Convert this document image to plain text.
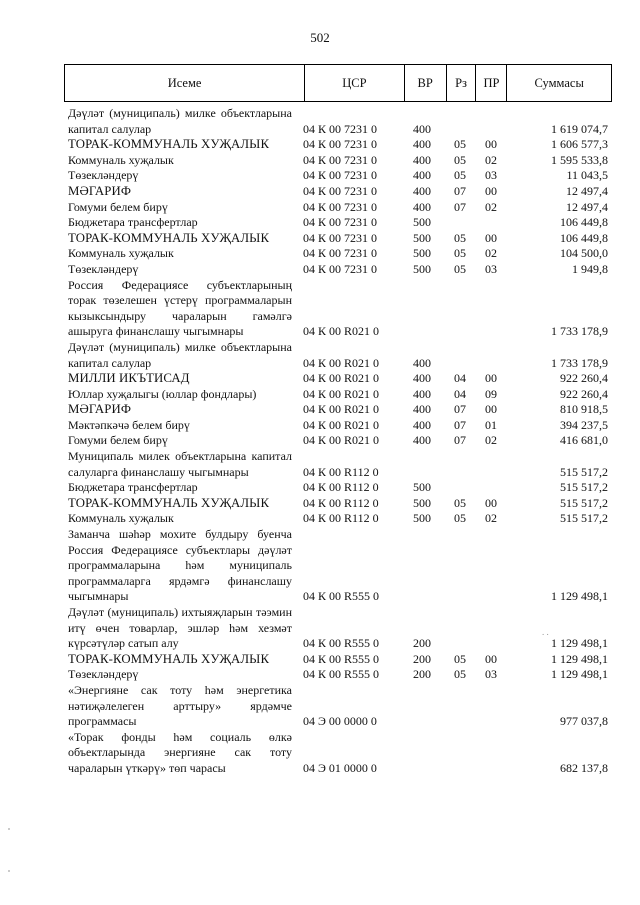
502
Исеме	ЦСР	ВР	Рз	ПР	Суммасы
Дәүләт (муниципаль) милке объектларына капитал салулар	04 К 00 7231 0	400	1 619 074,7
ТОРАК-КОММУНАЛЬ ХУҖАЛЫК	04 К 00 7231 0	400 05 00	1 606 577,3
Коммуналь хуҗалык	04 К 00 7231 0	400 05 02	1 595 533,8
Төзекләндерү	04 К 00 7231 0	400 05 03	11 043,5
МӘГАРИФ	04 К 00 7231 0	400 07 00	12 497,4
Гомуми белем бирү	04 К 00 7231 0	400 07 02	12 497,4
Бюджетара трансфертлар	04 К 00 7231 0	500	106 449,8
ТОРАК-КОММУНАЛЬ ХУҖАЛЫК	04 К 00 7231 0	500 05 00	106 449,8
Коммуналь хуҗалык	04 К 00 7231 0	500 05 02	104 500,0
Төзекләндерү	04 К 00 7231 0	500 05 03	1 949,8
Россия Федерациясе субъектларының торак төзелешен үстерү программаларын кызыксындыру чараларын гамәлгә ашыруга финанслашу чыгымнары	04 К 00 R021 0	1 733 178,9
Дәүләт (муниципаль) милке объектларына капитал салулар	04 К 00 R021 0	400	1 733 178,9
МИЛЛИ ИКЪТИСАД	04 К 00 R021 0	400 04 00	922 260,4
Юллар хуҗалыгы (юллар фондлары)	04 К 00 R021 0	400 04 09	922 260,4
МӘГАРИФ	04 К 00 R021 0	400 07 00	810 918,5
Мәктәпкәчә белем бирү	04 К 00 R021 0	400 07 01	394 237,5
Гомуми белем бирү	04 К 00 R021 0	400 07 02	416 681,0
Муниципаль милек объектларына капитал салуларга финанслашу чыгымнары	04 К 00 R112 0	515 517,2
Бюджетара трансфертлар	04 К 00 R112 0	500	515 517,2
ТОРАК-КОММУНАЛЬ ХУҖАЛЫК	04 К 00 R112 0	500 05 00	515 517,2
Коммуналь хуҗалык	04 К 00 R112 0	500 05 02	515 517,2
Заманча шәһәр мохите булдыру буенча Россия Федерациясе субъектлары дәүләт программаларына һәм муниципаль программаларга ярдәмгә финанслашу чыгымнары	04 К 00 R555 0	1 129 498,1
Дәүләт (муниципаль) ихтыяҗларын тәэмин итү өчен товарлар, эшләр һәм хезмәт күрсәтүләр сатып алу	04 К 00 R555 0	200	1 129 498,1
ТОРАК-КОММУНАЛЬ ХУҖАЛЫК	04 К 00 R555 0	200 05 00	1 129 498,1
Төзекләндерү	04 К 00 R555 0	200 05 03	1 129 498,1
«Энергияне сак тоту һәм энергетика нәтиҗәлелеген арттыру» ярдәмче программасы	04 Э 00 0000 0	977 037,8
«Торак фонды һәм социаль өлкә объектларында энергияне сак тоту чараларын үткәрү» төп чарасы	04 Э 01 0000 0	682 137,8
. .
